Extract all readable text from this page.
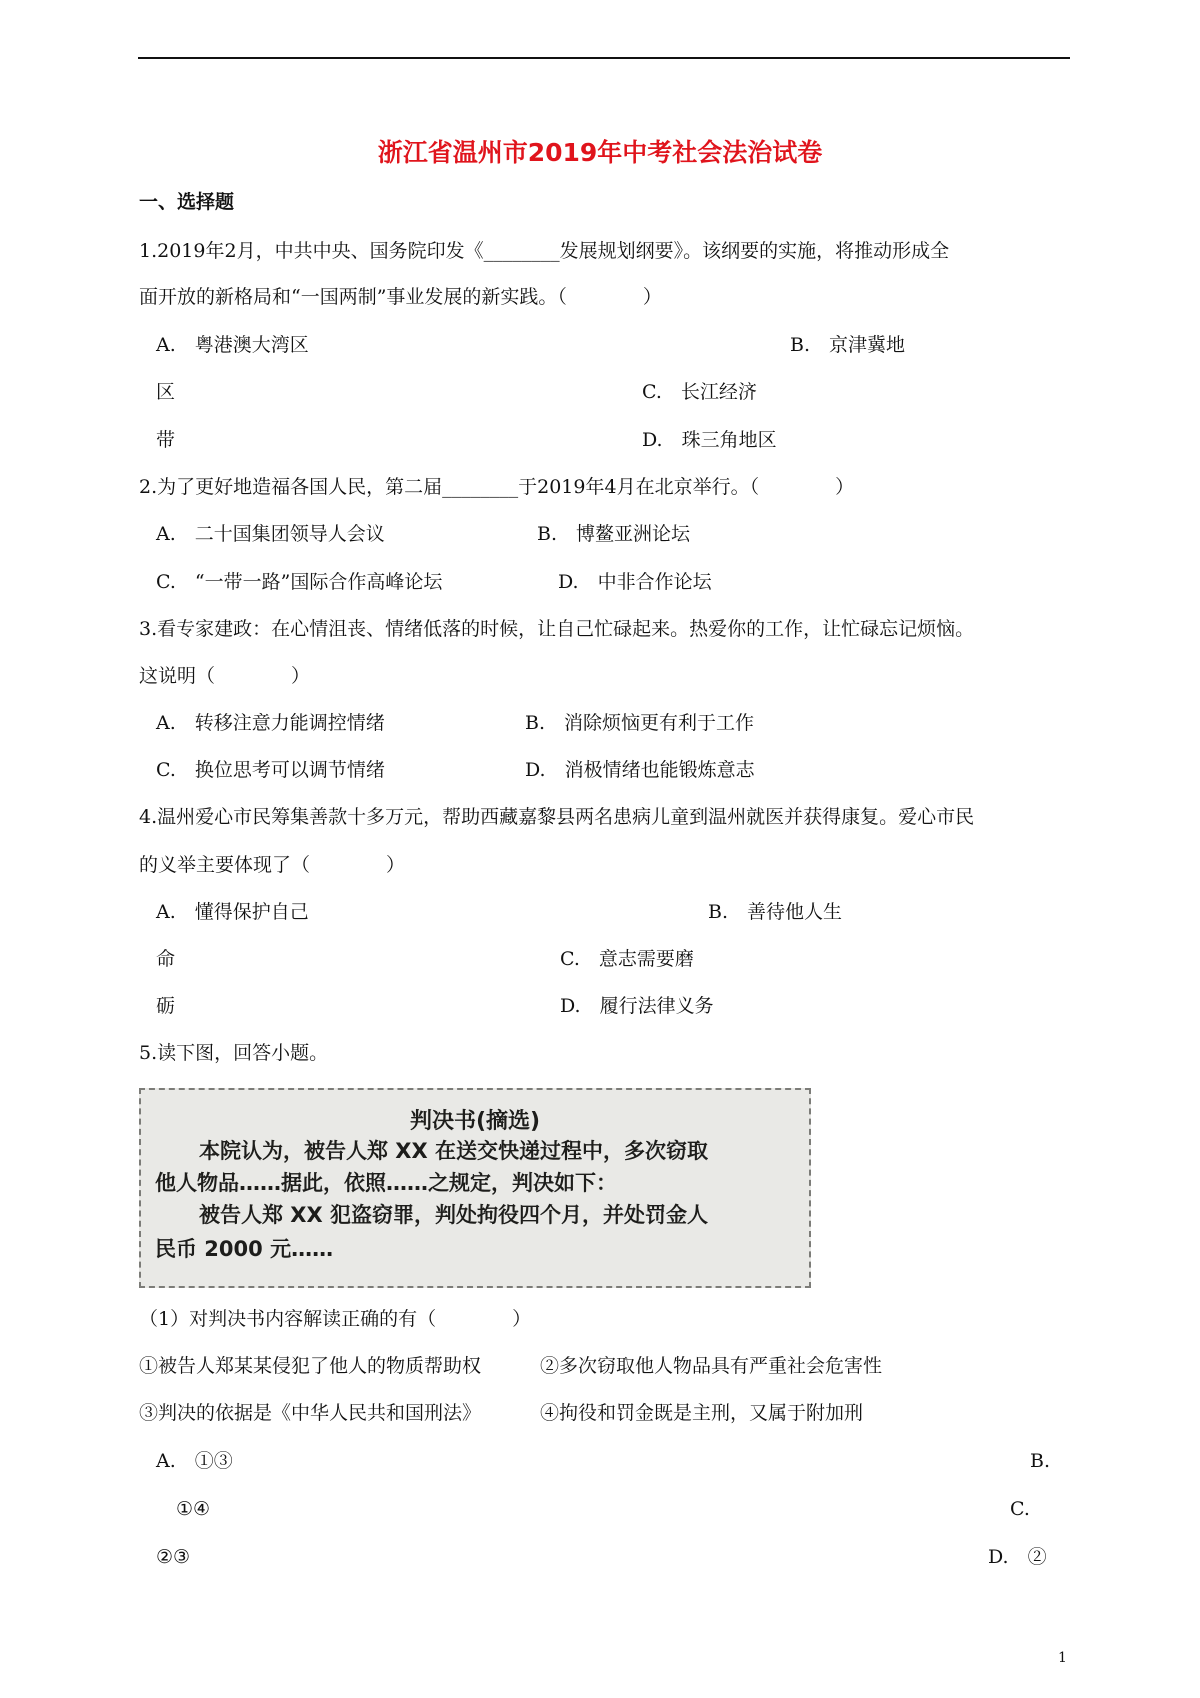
浙江省温州市2019年中考社会法治试卷
一、选择题
1.2019年2月，中共中央、国务院印发《________发展规划纲要》。该纲要的实施，将推动形成全
面开放的新格局和“一国两制”事业发展的新实践。（　　　　）
A.　粤港澳大湾区	B.　京津冀地
区	C.　长江经济
带	D.　珠三角地区
2.为了更好地造福各国人民，第二届________于2019年4月在北京举行。（　　　　）
A.　二十国集团领导人会议	B.　博鳌亚洲论坛
C.　“一带一路”国际合作高峰论坛	D.　中非合作论坛
3.看专家建政：在心情沮丧、情绪低落的时候，让自己忙碌起来。热爱你的工作，让忙碌忘记烦恼。
这说明（　　　　）
A.　转移注意力能调控情绪	B.　消除烦恼更有利于工作
C.　换位思考可以调节情绪	D.　消极情绪也能锻炼意志
4.温州爱心市民筹集善款十多万元，帮助西藏嘉黎县两名患病儿童到温州就医并获得康复。爱心市民
的义举主要体现了（　　　　）
A.　懂得保护自己	B.　善待他人生
命	C.　意志需要磨
砺	D.　履行法律义务
5.读下图，回答小题。
判决书(摘选)
本院认为，被告人郑 XX 在送交快递过程中，多次窃取
他人物品……据此，依照……之规定，判决如下：
被告人郑 XX 犯盗窃罪，判处拘役四个月，并处罚金人
民币 2000 元……
（1）对判决书内容解读正确的有（　　　　）
①被告人郑某某侵犯了他人的物质帮助权	②多次窃取他人物品具有严重社会危害性
③判决的依据是《中华人民共和国刑法》	④拘役和罚金既是主刑，又属于附加刑
A.　①③	B.
①④	C.
②③	D.　②
1
